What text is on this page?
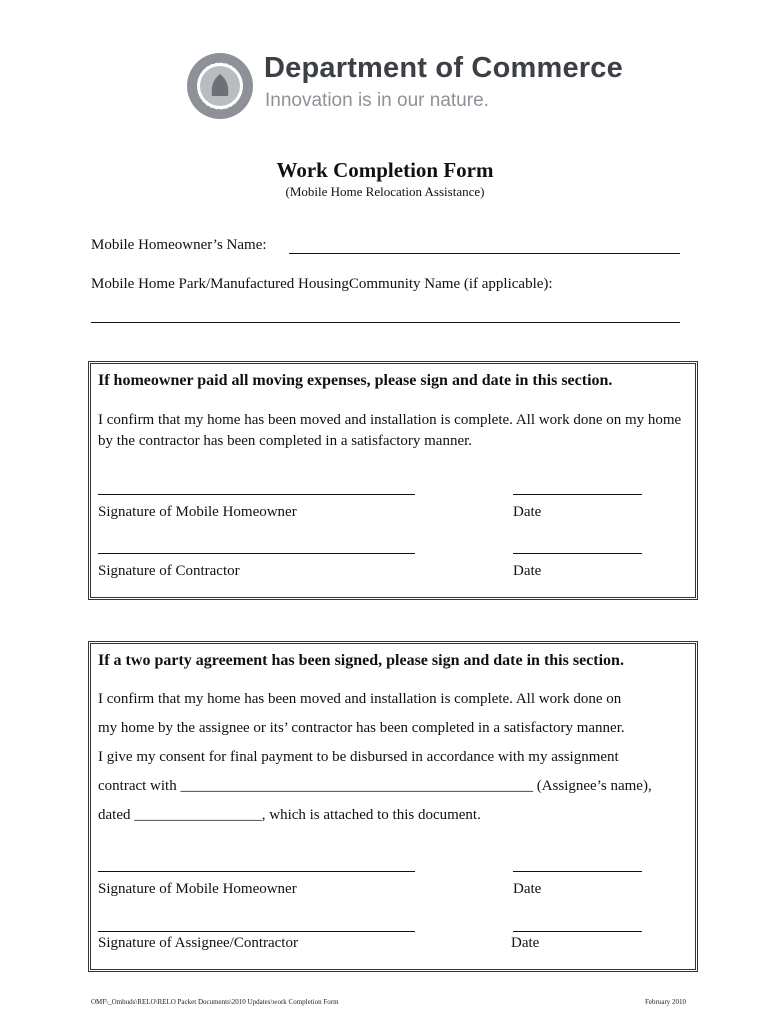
Department of Commerce
Innovation is in our nature.
Work Completion Form
(Mobile Home Relocation Assistance)
Mobile Homeowner’s Name:
Mobile Home Park/Manufactured HousingCommunity Name (if applicable):
If homeowner paid all moving expenses, please sign and date in this section.
I confirm that my home has been moved and installation is complete. All work done on my home by the contractor has been completed in a satisfactory manner.
Signature of Mobile Homeowner	Date
Signature of Contractor	Date
If a two party agreement has been signed, please sign and date in this section.
I confirm that my home has been moved and installation is complete. All work done on
my home by the assignee or its’ contractor has been completed in a satisfactory manner.
I give my consent for final payment to be disbursed in accordance with my assignment
contract with _______________________________________________ (Assignee’s name),
dated _________________, which is attached to this document.
Signature of Mobile Homeowner	Date
Signature of Assignee/Contractor	Date
OMF\_Ombuds\RELO\RELO Packet Documents\2010 Updates\work Completion Form	February 2010
